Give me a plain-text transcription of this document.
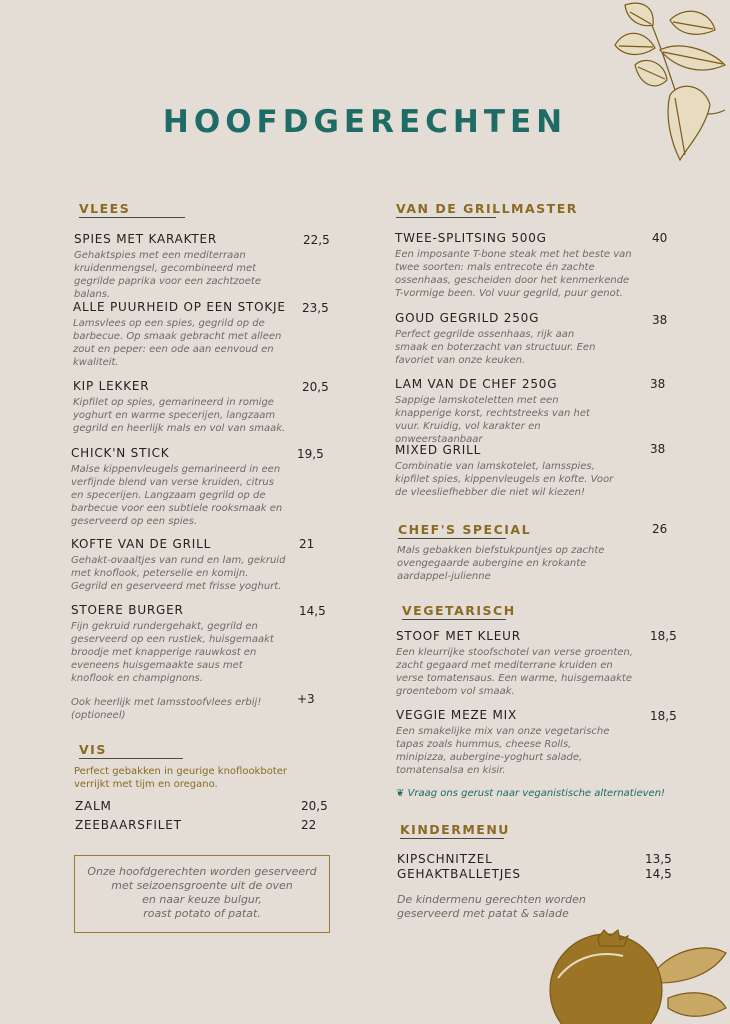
HOOFDGERECHTEN
VLEES
SPIES MET KARAKTER
Gehaktspies met een mediterraan kruidenmengsel, gecombineerd met gegrilde paprika voor een zachtzoete balans.
22,5
ALLE PUURHEID OP EEN STOKJE
Lamsvlees op een spies, gegrild op de barbecue. Op smaak gebracht met alleen zout en peper: een ode aan eenvoud en kwaliteit.
23,5
KIP LEKKER
Kipfilet op spies, gemarineerd in romige yoghurt en warme specerijen, langzaam gegrild en heerlijk mals en vol van smaak.
20,5
CHICK'N STICK
Malse kippenvleugels gemarineerd in een verfijnde blend van verse kruiden, citrus en specerijen. Langzaam gegrild op de barbecue voor een subtiele rooksmaak en geserveerd op een spies.
19,5
KOFTE VAN DE GRILL
Gehakt-ovaaltjes van rund en lam, gekruid met knoflook, peterselie en komijn. Gegrild en geserveerd met frisse yoghurt.
21
STOERE BURGER
Fijn gekruid rundergehakt, gegrild en geserveerd op een rustiek, huisgemaakt broodje met knapperige rauwkost en eveneens huisgemaakte saus met knoflook en champignons.
14,5
Ook heerlijk met lamsstoofvlees erbij! (optioneel)
+3
VIS
Perfect gebakken in geurige knoflookboter verrijkt met tijm en oregano.
ZALM	20,5
ZEEBAARSFILET	22
Onze hoofdgerechten worden geserveerd
met seizoensgroente uit de oven
en naar keuze bulgur,
roast potato of patat.
VAN DE GRILLMASTER
TWEE-SPLITSING 500G
Een imposante T-bone steak met het beste van twee soorten: mals entrecote én zachte ossenhaas, gescheiden door het kenmerkende T-vormige been. Vol vuur gegrild, puur genot.
40
GOUD GEGRILD 250G
Perfect gegrilde ossenhaas, rijk aan smaak en boterzacht van structuur. Een favoriet van onze keuken.
38
LAM VAN DE CHEF 250G
Sappige lamskoteletten met een knapperige korst, rechtstreeks van het vuur. Kruidig, vol karakter en onweerstaanbaar
38
MIXED GRILL
Combinatie van lamskotelet, lamsspies, kipfilet spies, kippenvleugels en kofte. Voor de vleesliefhebber die niet wil kiezen!
38
CHEF'S SPECIAL	26
Mals gebakken biefstukpuntjes op zachte ovengegaarde aubergine en krokante aardappel-julienne
VEGETARISCH
STOOF MET KLEUR
Een kleurrijke stoofschotel van verse groenten, zacht gegaard met mediterrane kruiden en verse tomatensaus. Een warme, huisgemaakte groentebom vol smaak.
18,5
VEGGIE MEZE MIX
Een smakelijke mix van onze vegetarische tapas zoals hummus, cheese Rolls, minipizza, aubergine-yoghurt salade, tomatensalsa en kisir.
18,5
❦ Vraag ons gerust naar veganistische alternatieven!
KINDERMENU
KIPSCHNITZEL	13,5
GEHAKTBALLETJES	14,5
De kindermenu gerechten worden geserveerd met patat & salade
